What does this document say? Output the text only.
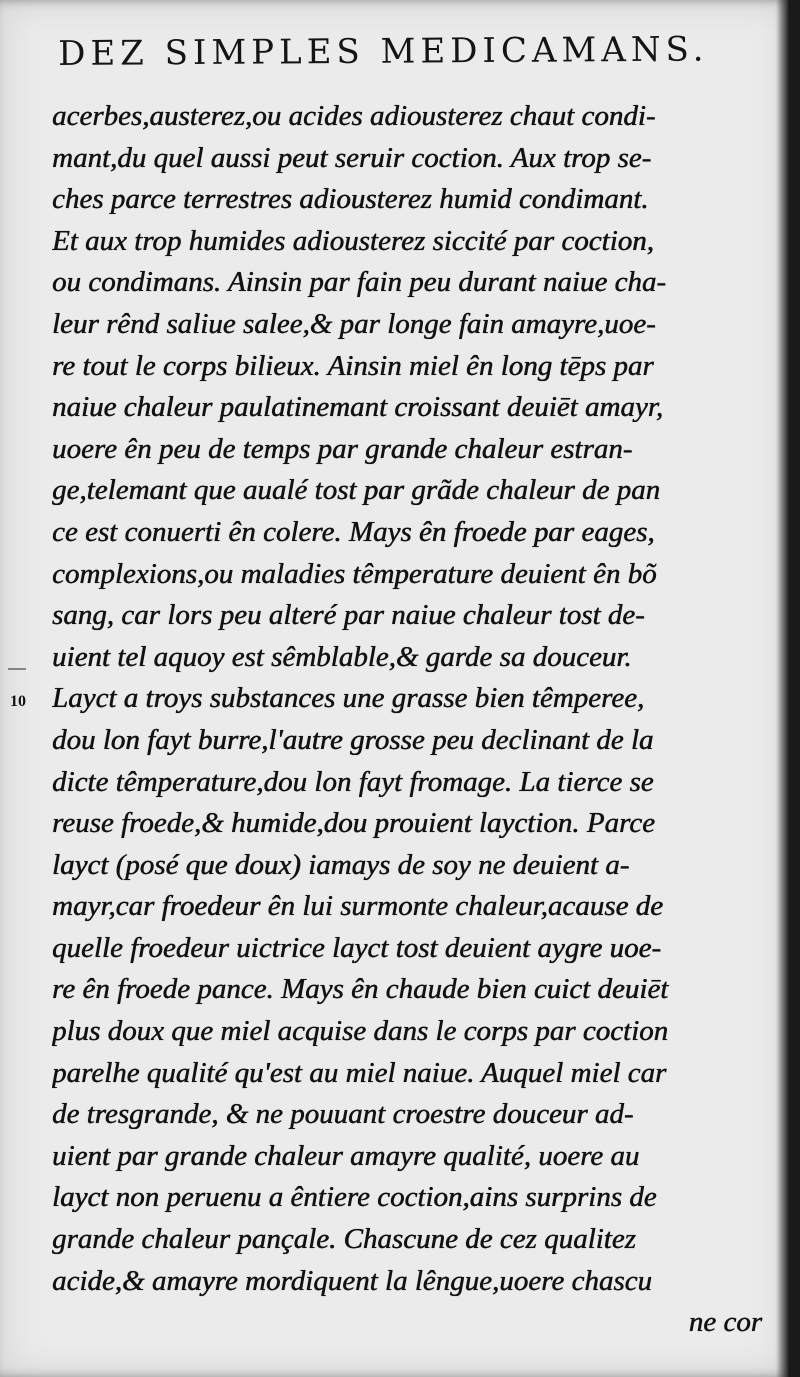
DEZ SIMPLES MEDICAMANS.
10
acerbes,austerez,ou acides adiousterez chaut condi-
mant,du quel aussi peut seruir coction. Aux trop se-
ches parce terrestres adiousterez humid condimant.
Et aux trop humides adiousterez siccité par coction,
ou condimans. Ainsin par fain peu durant naiue cha-
leur rênd saliue salee,& par longe fain amayre,uoe-
re tout le corps bilieux. Ainsin miel ên long tēps par
naiue chaleur paulatinemant croissant deuiēt amayr,
uoere ên peu de temps par grande chaleur estran-
ge,telemant que aualé tost par grãde chaleur de pan
ce est conuerti ên colere. Mays ên froede par eages,
complexions,ou maladies têmperature deuient ên bõ
sang, car lors peu alteré par naiue chaleur tost de-
uient tel aquoy est sêmblable,& garde sa douceur.
Layct a troys substances une grasse bien têmperee,
dou lon fayt burre,l'autre grosse peu declinant de la
dicte têmperature,dou lon fayt fromage. La tierce se
reuse froede,& humide,dou prouient layction. Parce
layct (posé que doux) iamays de soy ne deuient a-
mayr,car froedeur ên lui surmonte chaleur,acause de
quelle froedeur uictrice layct tost deuient aygre uoe-
re ên froede pance. Mays ên chaude bien cuict deuiēt
plus doux que miel acquise dans le corps par coction
parelhe qualité qu'est au miel naiue. Auquel miel car
de tresgrande, & ne pouuant croestre douceur ad-
uient par grande chaleur amayre qualité, uoere au
layct non peruenu a êntiere coction,ains surprins de
grande chaleur pançale. Chascune de cez qualitez
acide,& amayre mordiquent la lêngue,uoere chascu
ne cor
